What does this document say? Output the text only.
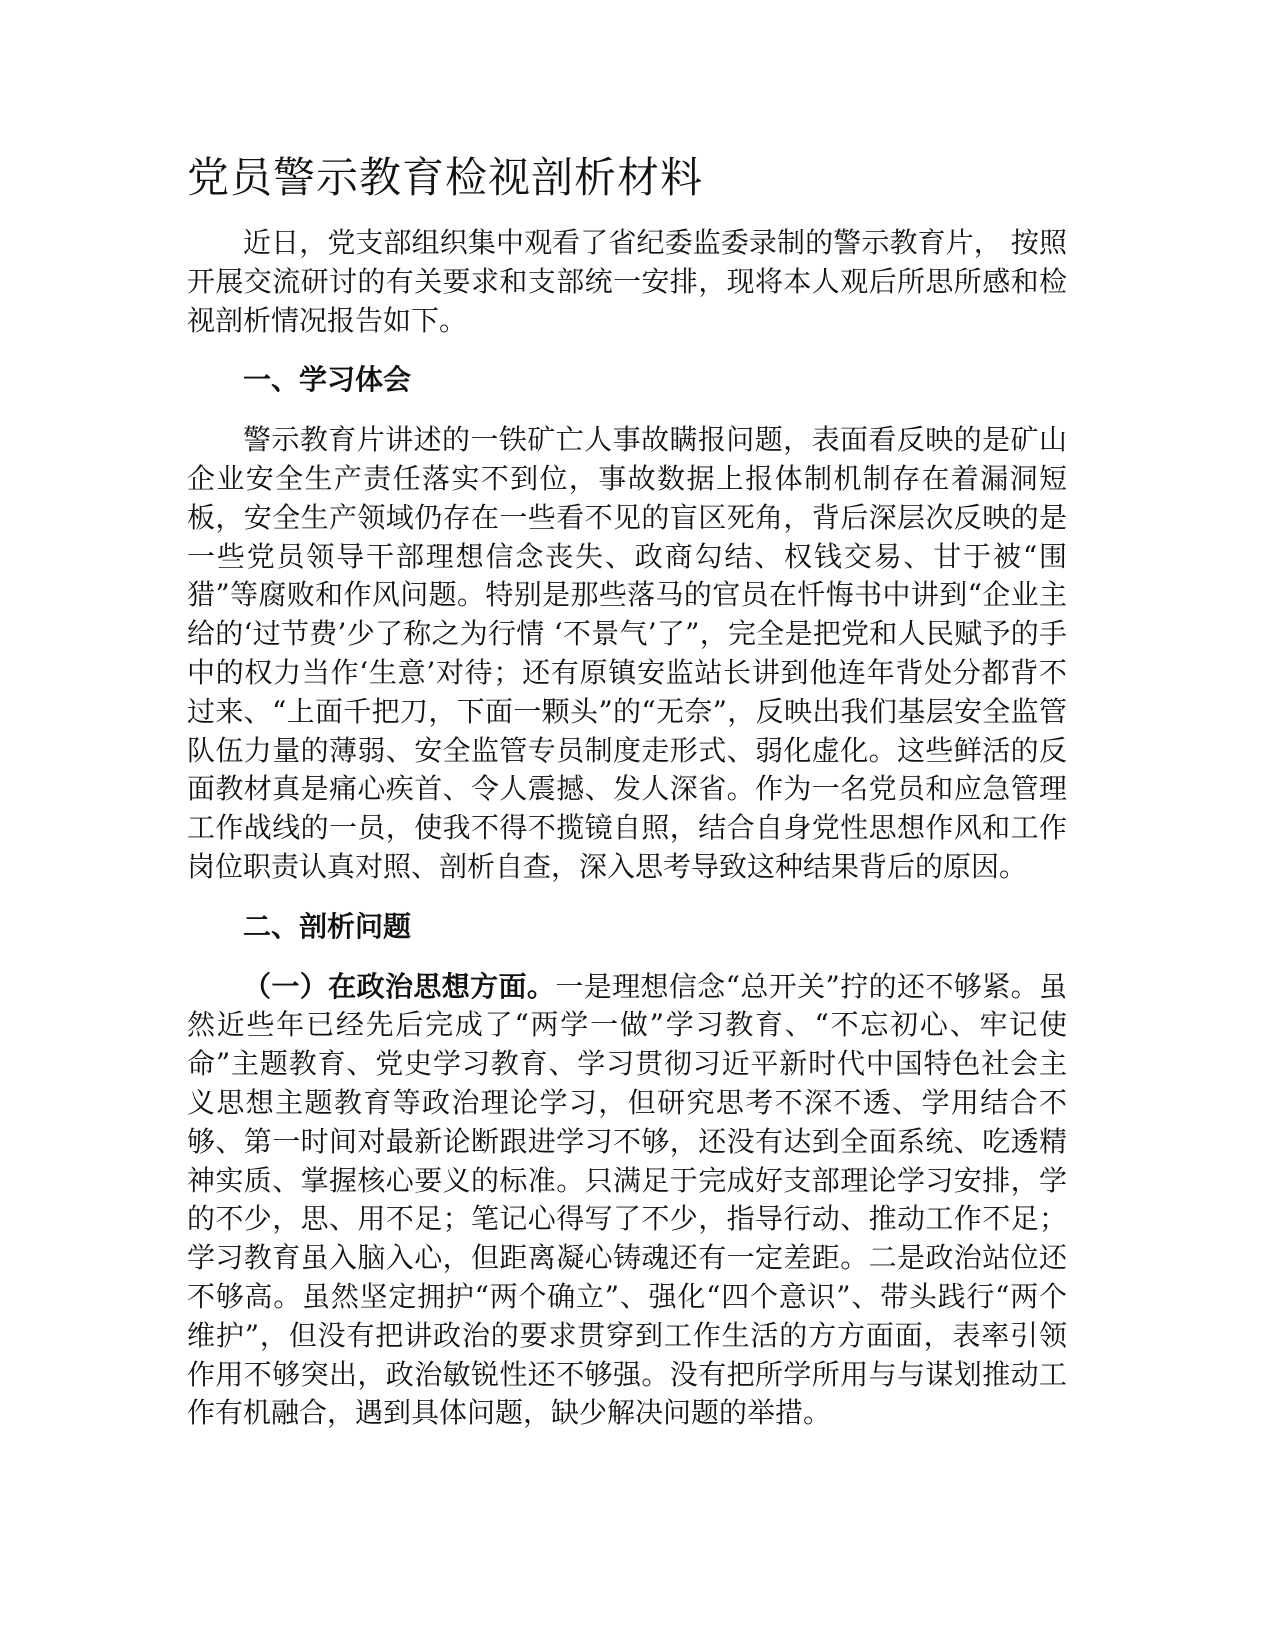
党员警示教育检视剖析材料

近日，党支部组织集中观看了省纪委监委录制的警示教育片， 按照开展交流研讨的有关要求和支部统一安排，现将本人观后所思所感和检视剖析情况报告如下。

一、学习体会

警示教育片讲述的一铁矿亡人事故瞒报问题，表面看反映的是矿山企业安全生产责任落实不到位，事故数据上报体制机制存在着漏洞短板，安全生产领域仍存在一些看不见的盲区死角，背后深层次反映的是一些党员领导干部理想信念丧失、政商勾结、权钱交易、甘于被“围猎”等腐败和作风问题。特别是那些落马的官员在忏悔书中讲到“企业主给的‘过节费’少了称之为行情 ‘不景气’了”，完全是把党和人民赋予的手中的权力当作‘生意’对待；还有原镇安监站长讲到他连年背处分都背不过来、“上面千把刀，下面一颗头”的“无奈”，反映出我们基层安全监管队伍力量的薄弱、安全监管专员制度走形式、弱化虚化。这些鲜活的反面教材真是痛心疾首、令人震撼、发人深省。作为一名党员和应急管理工作战线的一员，使我不得不揽镜自照，结合自身党性思想作风和工作岗位职责认真对照、剖析自查，深入思考导致这种结果背后的原因。

二、剖析问题

（一）在政治思想方面。一是理想信念“总开关”拧的还不够紧。虽然近些年已经先后完成了“两学一做”学习教育、“不忘初心、牢记使命”主题教育、党史学习教育、学习贯彻习近平新时代中国特色社会主义思想主题教育等政治理论学习，但研究思考不深不透、学用结合不够、第一时间对最新论断跟进学习不够，还没有达到全面系统、吃透精神实质、掌握核心要义的标准。只满足于完成好支部理论学习安排，学的不少，思、用不足；笔记心得写了不少，指导行动、推动工作不足；学习教育虽入脑入心，但距离凝心铸魂还有一定差距。二是政治站位还不够高。虽然坚定拥护“两个确立”、强化“四个意识”、带头践行“两个维护”，但没有把讲政治的要求贯穿到工作生活的方方面面，表率引领作用不够突出，政治敏锐性还不够强。没有把所学所用与与谋划推动工作有机融合，遇到具体问题，缺少解决问题的举措。
